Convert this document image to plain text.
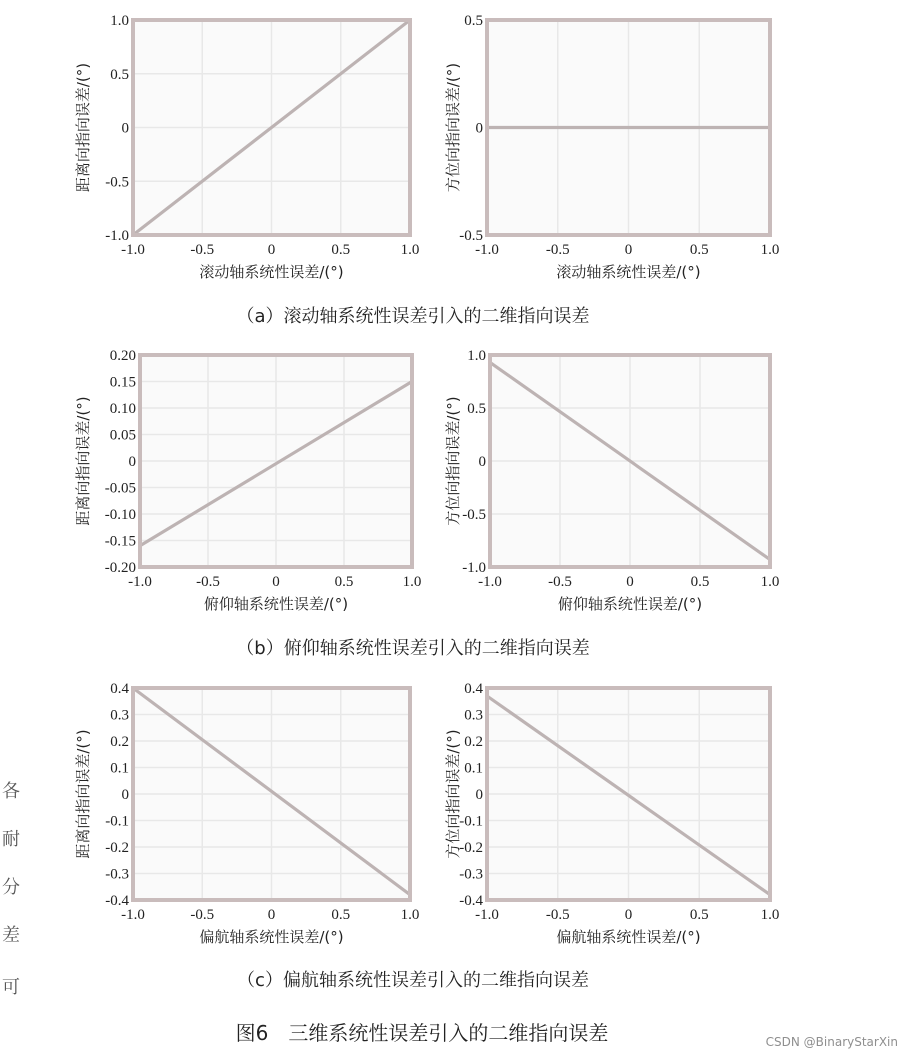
-1.0	-0.5	0	0.5	1.0
1.0
0.5
0
-0.5
-1.0
滚动轴系统性误差/(°)
距离向指向误差/(°)
-1.0	-0.5	0	0.5	1.0
0.5
0
-0.5
滚动轴系统性误差/(°)
方位向指向误差/(°)
-1.0	-0.5	0	0.5	1.0
0.20
0.15
0.10
0.05
0
-0.05
-0.10
-0.15
-0.20
俯仰轴系统性误差/(°)
距离向指向误差/(°)
-1.0	-0.5	0	0.5	1.0
1.0
0.5
0
-0.5
-1.0
俯仰轴系统性误差/(°)
方位向指向误差/(°)
-1.0	-0.5	0	0.5	1.0
0.4
0.3
0.2
0.1
0
-0.1
-0.2
-0.3
-0.4
偏航轴系统性误差/(°)
距离向指向误差/(°)
-1.0	-0.5	0	0.5	1.0
0.4
0.3
0.2
0.1
0
-0.1
-0.2
-0.3
-0.4
偏航轴系统性误差/(°)
方位向指向误差/(°)
（a）滚动轴系统性误差引入的二维指向误差
（b）俯仰轴系统性误差引入的二维指向误差
（c）偏航轴系统性误差引入的二维指向误差
图6　三维系统性误差引入的二维指向误差	CSDN @BinaryStarXin
各
耐
分
差
可
